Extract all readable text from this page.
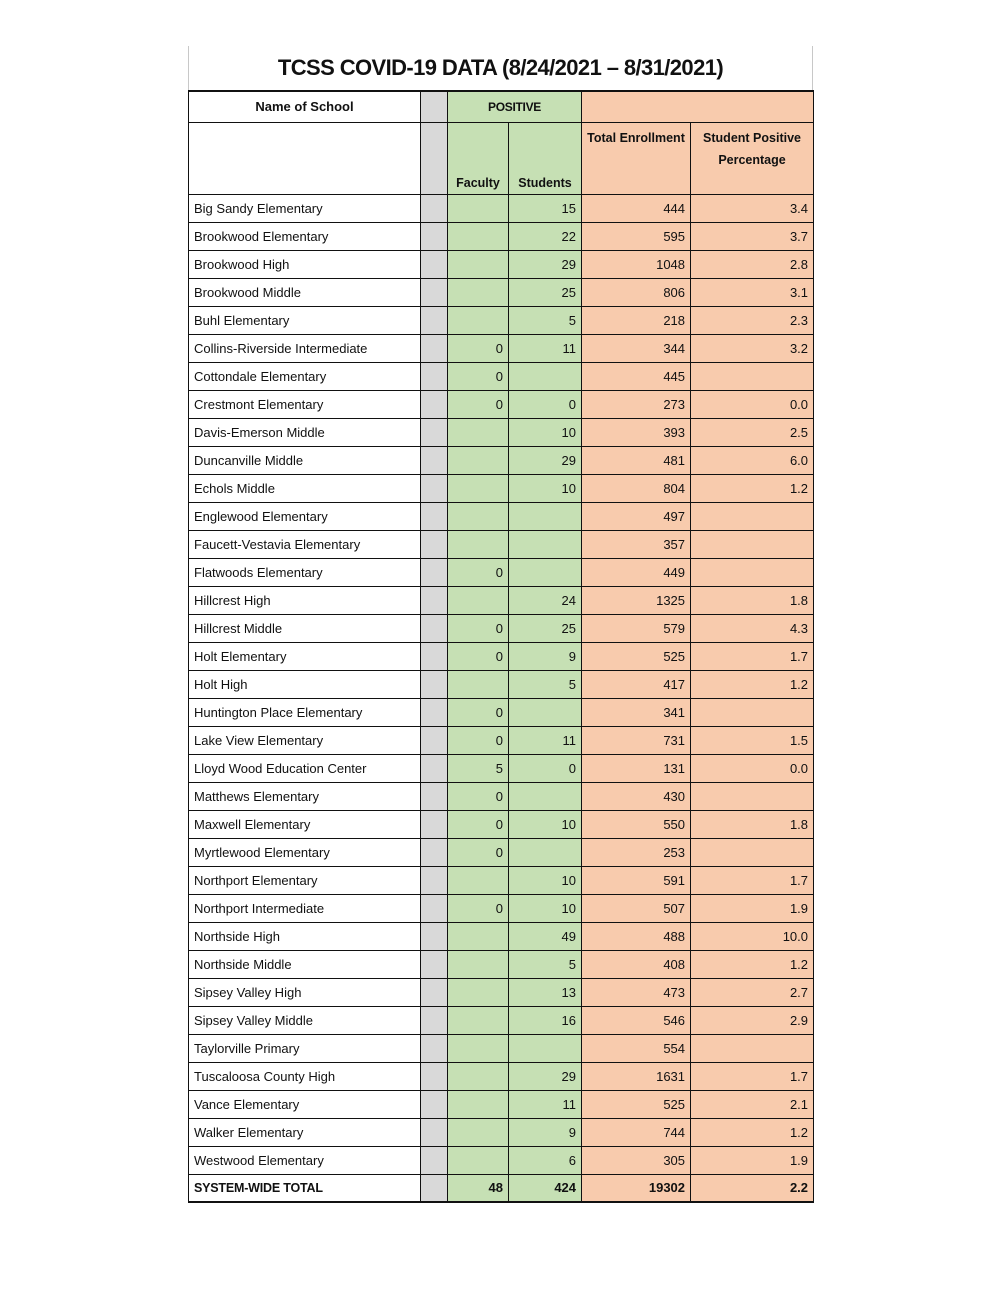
TCSS COVID-19 DATA (8/24/2021 – 8/31/2021)
Name of School		POSITIVE			
		Faculty	Students	Total Enrollment	Student Positive Percentage
Big Sandy Elementary			15	444	3.4
Brookwood Elementary			22	595	3.7
Brookwood High			29	1048	2.8
Brookwood Middle			25	806	3.1
Buhl Elementary			5	218	2.3
Collins-Riverside Intermediate		0	11	344	3.2
Cottondale Elementary		0		445	
Crestmont Elementary		0	0	273	0.0
Davis-Emerson Middle			10	393	2.5
Duncanville Middle			29	481	6.0
Echols Middle			10	804	1.2
Englewood Elementary				497	
Faucett-Vestavia Elementary				357	
Flatwoods Elementary		0		449	
Hillcrest High			24	1325	1.8
Hillcrest Middle		0	25	579	4.3
Holt Elementary		0	9	525	1.7
Holt High			5	417	1.2
Huntington Place Elementary		0		341	
Lake View Elementary		0	11	731	1.5
Lloyd Wood Education Center		5	0	131	0.0
Matthews Elementary		0		430	
Maxwell Elementary		0	10	550	1.8
Myrtlewood Elementary		0		253	
Northport Elementary			10	591	1.7
Northport Intermediate		0	10	507	1.9
Northside High			49	488	10.0
Northside Middle			5	408	1.2
Sipsey Valley High			13	473	2.7
Sipsey Valley Middle			16	546	2.9
Taylorville Primary				554	
Tuscaloosa County High			29	1631	1.7
Vance Elementary			11	525	2.1
Walker Elementary			9	744	1.2
Westwood Elementary			6	305	1.9
SYSTEM-WIDE TOTAL		48	424	19302	2.2
